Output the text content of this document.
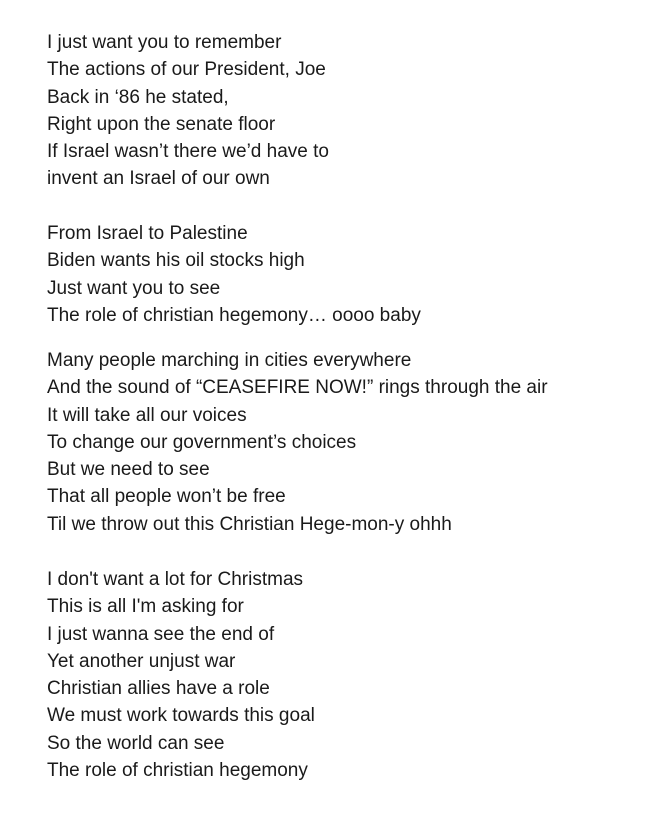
I just want you to remember
The actions of our President, Joe
Back in ‘86 he stated,
Right upon the senate floor
If Israel wasn’t there we’d have to
invent an Israel of our own
From Israel to Palestine
Biden wants his oil stocks high
Just want you to see
The role of christian hegemony… oooo baby
Many people marching in cities everywhere
And the sound of “CEASEFIRE NOW!” rings through the air
It will take all our voices
To change our government’s choices
But we need to see
That all people won’t be free
Til we throw out this Christian Hege-mon-y ohhh
I don't want a lot for Christmas
This is all I'm asking for
I just wanna see the end of
Yet another unjust war
Christian allies have a role
We must work towards this goal
So the world can see
The role of christian hegemony
